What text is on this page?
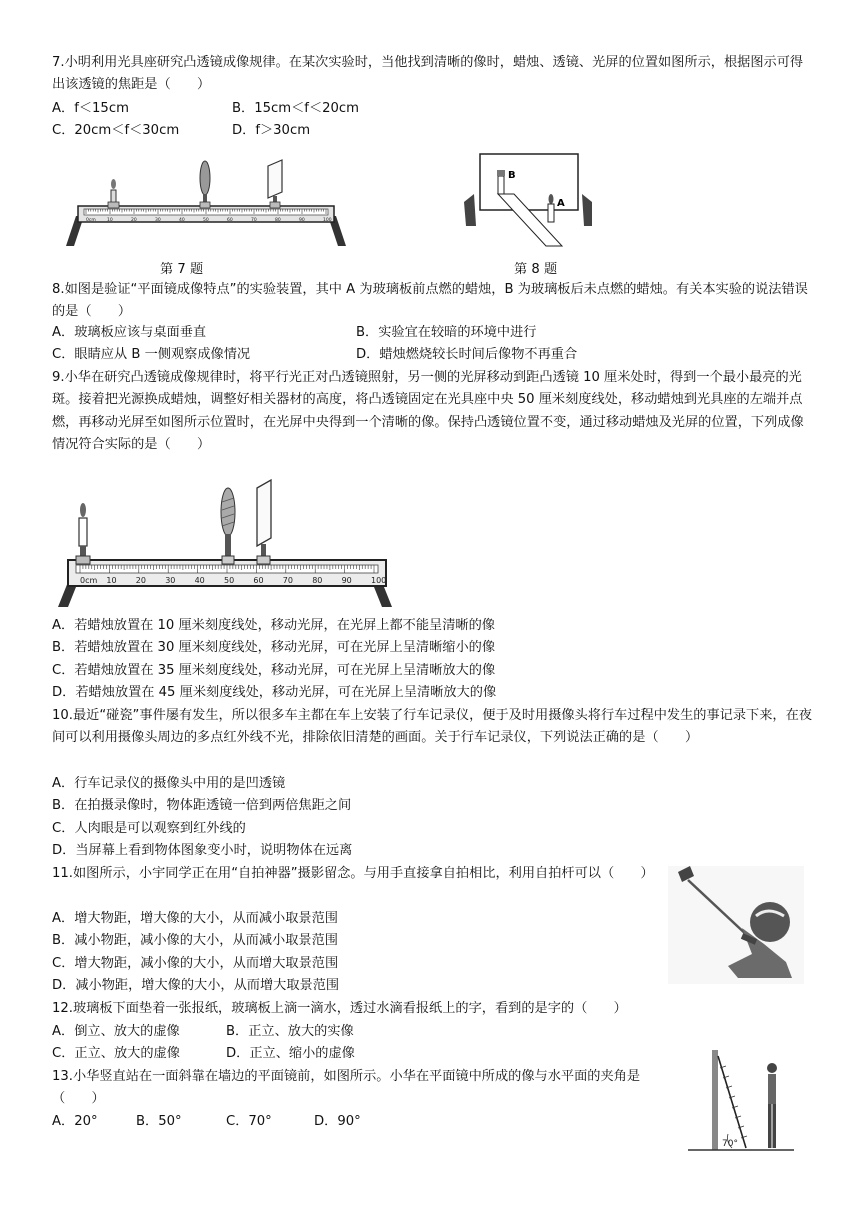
7.小明利用光具座研究凸透镜成像规律。在某次实验时，当他找到清晰的像时，蜡烛、透镜、光屏的位置如图所示，根据图示可得出该透镜的焦距是（　　）
A．f＜15cm	B．15cm＜f＜20cm
C．20cm＜f＜30cm	D．f＞30cm
0cm	10	20	30	40	50	60	70	80	90	100
B
A
第 7 题	第 8 题
8.如图是验证“平面镜成像特点”的实验装置，其中 A 为玻璃板前点燃的蜡烛，B 为玻璃板后未点燃的蜡烛。有关本实验的说法错误的是（　　）
A．玻璃板应该与桌面垂直	B．实验宜在较暗的环境中进行
C．眼睛应从 B 一侧观察成像情况	D．蜡烛燃烧较长时间后像物不再重合
9.小华在研究凸透镜成像规律时，将平行光正对凸透镜照射，另一侧的光屏移动到距凸透镜 10 厘米处时，得到一个最小最亮的光斑。接着把光源换成蜡烛，调整好相关器材的高度，将凸透镜固定在光具座中央 50 厘米刻度线处，移动蜡烛到光具座的左端并点燃，再移动光屏至如图所示位置时，在光屏中央得到一个清晰的像。保持凸透镜位置不变，通过移动蜡烛及光屏的位置，下列成像情况符合实际的是（　　）
0cm 10 20 30 40 50 60 70 80 90 100
A．若蜡烛放置在 10 厘米刻度线处，移动光屏，在光屏上都不能呈清晰的像
B．若蜡烛放置在 30 厘米刻度线处，移动光屏，可在光屏上呈清晰缩小的像
C．若蜡烛放置在 35 厘米刻度线处，移动光屏，可在光屏上呈清晰放大的像
D．若蜡烛放置在 45 厘米刻度线处，移动光屏，可在光屏上呈清晰放大的像
10.最近“碰瓷”事件屡有发生，所以很多车主都在车上安装了行车记录仪，便于及时用摄像头将行车过程中发生的事记录下来，在夜间可以利用摄像头周边的多点红外线不光，排除依旧清楚的画面。关于行车记录仪，下列说法正确的是（　　）
A．行车记录仪的摄像头中用的是凹透镜
B．在拍摄录像时，物体距透镜一倍到两倍焦距之间
C．人肉眼是可以观察到红外线的
D．当屏幕上看到物体图象变小时，说明物体在远离
11.如图所示，小宇同学正在用“自拍神器”摄影留念。与用手直接拿自拍相比，利用自拍杆可以（　　）
A．增大物距，增大像的大小，从而减小取景范围
B．减小物距，减小像的大小，从而减小取景范围
C．增大物距，减小像的大小，从而增大取景范围
D．减小物距，增大像的大小，从而增大取景范围
12.玻璃板下面垫着一张报纸，玻璃板上滴一滴水，透过水滴看报纸上的字，看到的是字的（　　）
A．倒立、放大的虚像	B．正立、放大的实像
C．正立、放大的虚像	D．正立、缩小的虚像
13.小华竖直站在一面斜靠在墙边的平面镜前，如图所示。小华在平面镜中所成的像与水平面的夹角是（　　）
A．20°	B．50°	C．70°	D．90°
70°
